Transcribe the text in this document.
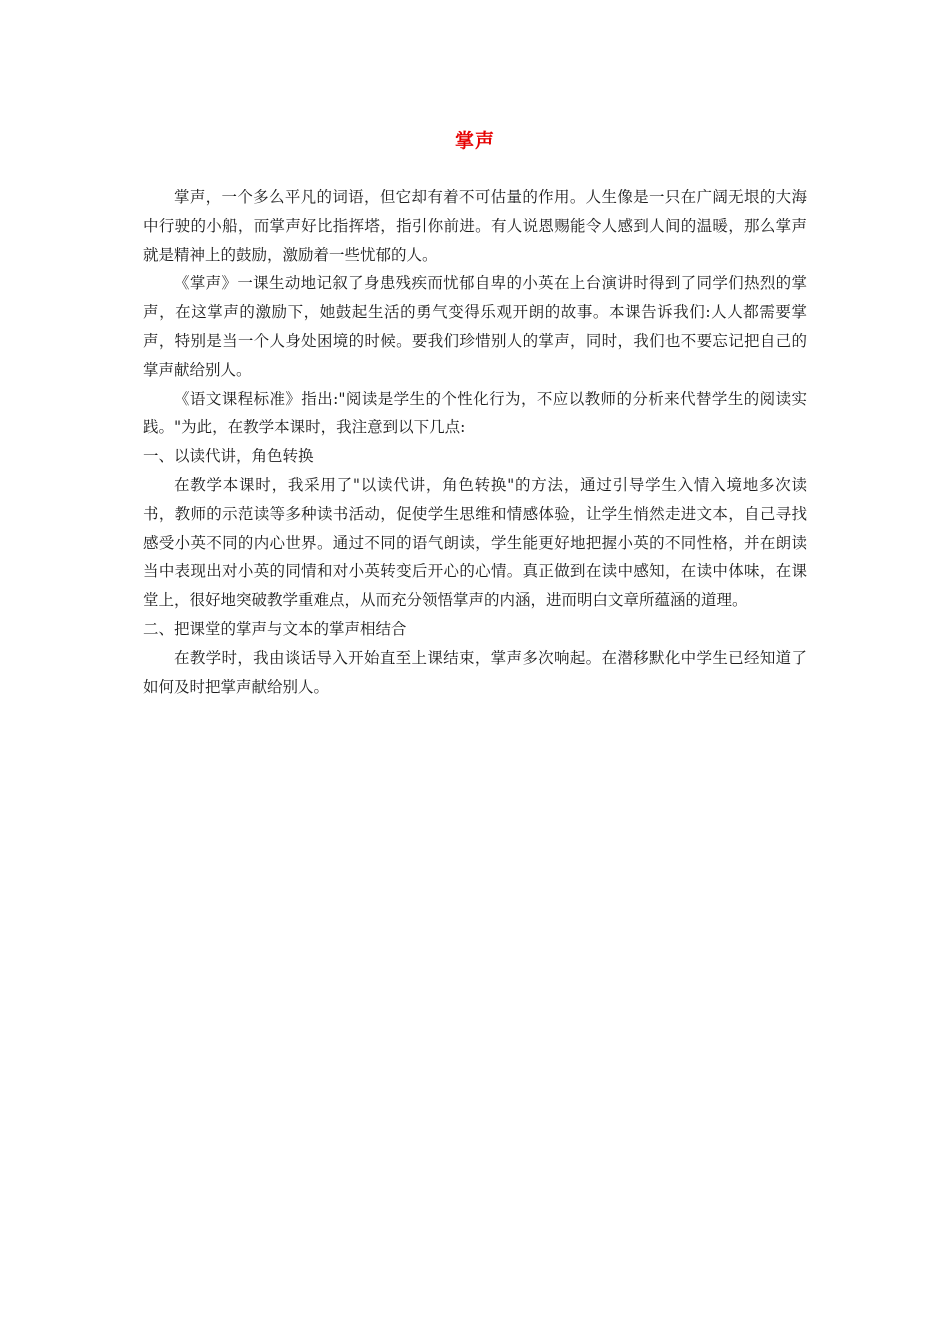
掌声

掌声，一个多么平凡的词语，但它却有着不可估量的作用。人生像是一只在广阔无垠的大海中行驶的小船，而掌声好比指挥塔，指引你前进。有人说恩赐能令人感到人间的温暖，那么掌声就是精神上的鼓励，激励着一些忧郁的人。

《掌声》一课生动地记叙了身患残疾而忧郁自卑的小英在上台演讲时得到了同学们热烈的掌声，在这掌声的激励下，她鼓起生活的勇气变得乐观开朗的故事。本课告诉我们:人人都需要掌声，特别是当一个人身处困境的时候。要我们珍惜别人的掌声，同时，我们也不要忘记把自己的掌声献给别人。

《语文课程标准》指出:"阅读是学生的个性化行为，不应以教师的分析来代替学生的阅读实践。"为此，在教学本课时，我注意到以下几点:

一、以读代讲，角色转换

在教学本课时，我采用了"以读代讲，角色转换"的方法，通过引导学生入情入境地多次读书，教师的示范读等多种读书活动，促使学生思维和情感体验，让学生悄然走进文本，自己寻找感受小英不同的内心世界。通过不同的语气朗读，学生能更好地把握小英的不同性格，并在朗读当中表现出对小英的同情和对小英转变后开心的心情。真正做到在读中感知，在读中体味，在课堂上，很好地突破教学重难点，从而充分领悟掌声的内涵，进而明白文章所蕴涵的道理。

二、把课堂的掌声与文本的掌声相结合

在教学时，我由谈话导入开始直至上课结束，掌声多次响起。在潜移默化中学生已经知道了如何及时把掌声献给别人。
